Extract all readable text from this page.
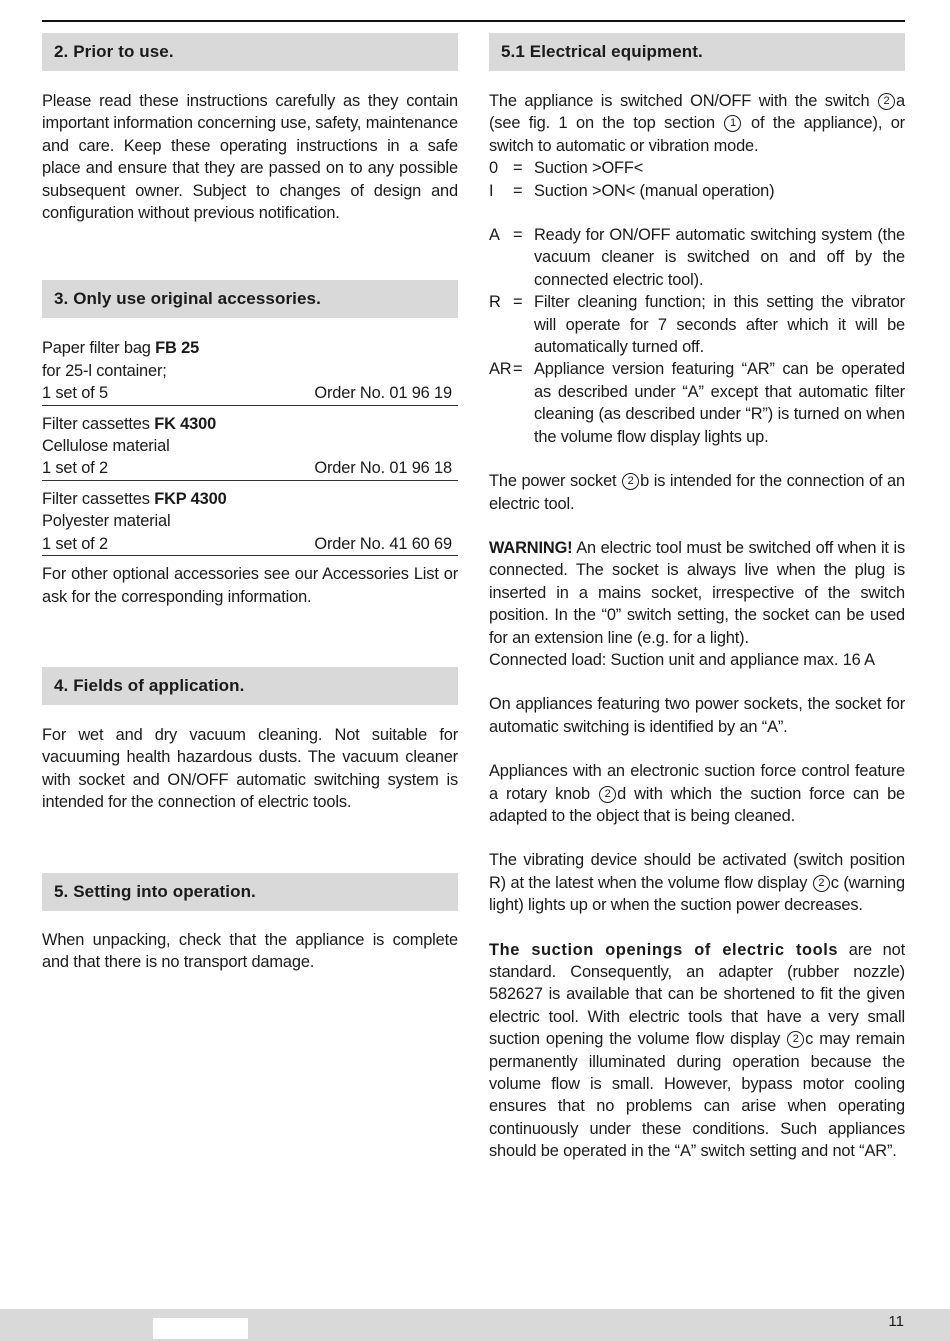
2. Prior to use.

Please read these instructions carefully as they contain important information concerning use, safety, maintenance and care. Keep these operating instructions in a safe place and ensure that they are passed on to any possible subsequent owner. Subject to changes of design and configuration without previous notification.

3. Only use original accessories.
Paper filter bag FB 25
for 25-l container;
1 set of 5	Order No. 01 96 19
Filter cassettes FK 4300
Cellulose material
1 set of 2	Order No. 01 96 18
Filter cassettes FKP 4300
Polyester material
1 set of 2	Order No. 41 60 69

For other optional accessories see our Accessories List or ask for the corresponding information.

4. Fields of application.

For wet and dry vacuum cleaning. Not suitable for vacuuming health hazardous dusts. The vacuum cleaner with socket and ON/OFF automatic switching system is intended for the connection of electric tools.

5. Setting into operation.

When unpacking, check that the appliance is complete and that there is no transport damage.

5.1 Electrical equipment.

The appliance is switched ON/OFF with the switch 2 a (see fig. 1 on the top section 1 of the appliance), or switch to automatic or vibration mode.

0 = Suction >OFF<
I	= Suction >ON< (manual operation)
A = Ready for ON/OFF automatic switching system (the vacuum cleaner is switched on and off by the connected electric tool).
R = Filter cleaning function; in this setting the vibrator will operate for 7 seconds after which it will be automatically turned off.
AR = Appliance version featuring “AR” can be operated as described under “A” except that automatic filter cleaning (as described under “R”) is turned on when the volume flow display lights up.

The power socket 2 b is intended for the connection of an electric tool.

WARNING! An electric tool must be switched off when it is connected. The socket is always live when the plug is inserted in a mains socket, irrespective of the switch position. In the “0” switch setting, the socket can be used for an extension line (e.g. for a light).

Connected load: Suction unit and appliance max. 16 A

On appliances featuring two power sockets, the socket for automatic switching is identified by an “A”.

Appliances with an electronic suction force control feature a rotary knob 2 d with which the suction force can be adapted to the object that is being cleaned.

The vibrating device should be activated (switch position R) at the latest when the volume flow display 2 c (warning light) lights up or when the suction power decreases.

The suction openings of electric tools are not standard. Consequently, an adapter (rubber nozzle) 582627 is available that can be shortened to fit the given electric tool. With electric tools that have a very small suction opening the volume flow display 2 c may remain permanently illuminated during operation because the volume flow is small. However, bypass motor cooling ensures that no problems can arise when operating continuously under these conditions. Such appliances should be operated in the “A” switch setting and not “AR”.

11
